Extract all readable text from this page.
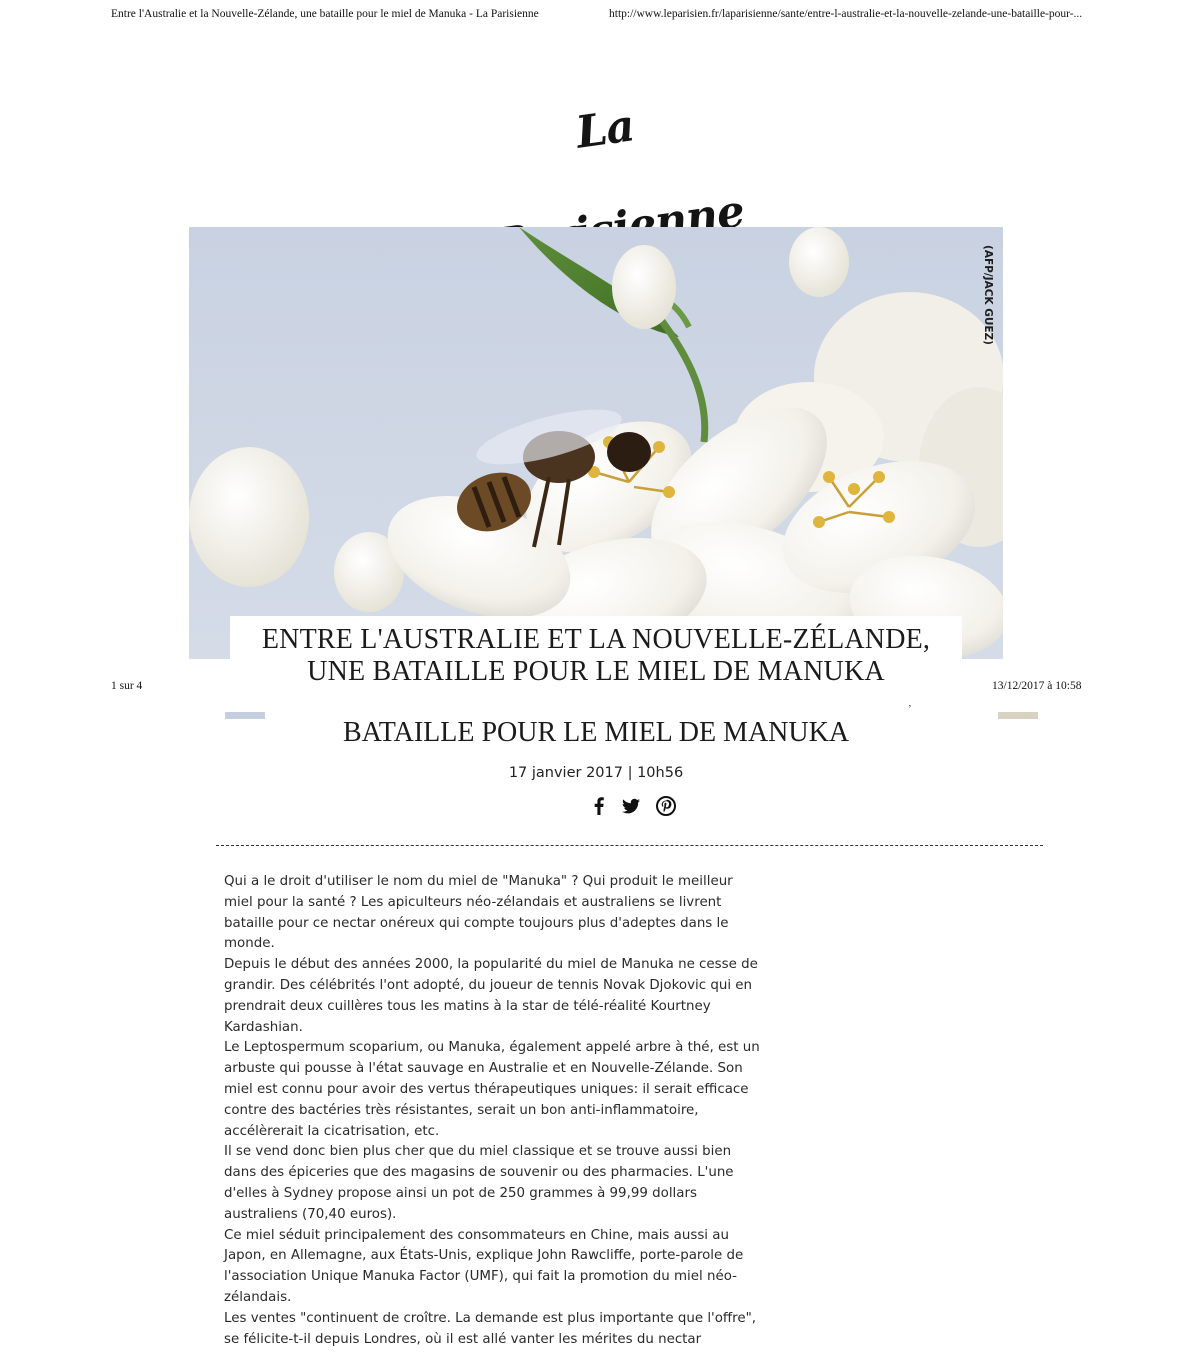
Entre l'Australie et la Nouvelle-Zélande, une bataille pour le miel de Manuka - La Parisienne	http://www.leparisien.fr/laparisienne/sante/entre-l-australie-et-la-nouvelle-zelande-une-bataille-pour-...
La
(AFP/JACK GUEZ)
ENTRE L'AUSTRALIE ET LA NOUVELLE-ZÉLANDE, UNE BATAILLE POUR LE MIEL DE MANUKA
1 sur 4	13/12/2017 à 10:58
’
BATAILLE POUR LE MIEL DE MANUKA
17 janvier 2017 | 10h56

Qui a le droit d'utiliser le nom du miel de "Manuka" ? Qui produit le meilleur miel pour la santé ? Les apiculteurs néo-zélandais et australiens se livrent bataille pour ce nectar onéreux qui compte toujours plus d'adeptes dans le monde.

Depuis le début des années 2000, la popularité du miel de Manuka ne cesse de grandir. Des célébrités l'ont adopté, du joueur de tennis Novak Djokovic qui en prendrait deux cuillères tous les matins à la star de télé-réalité Kourtney Kardashian.

Le Leptospermum scoparium, ou Manuka, également appelé arbre à thé, est un arbuste qui pousse à l'état sauvage en Australie et en Nouvelle-Zélande. Son miel est connu pour avoir des vertus thérapeutiques uniques: il serait efficace contre des bactéries très résistantes, serait un bon anti-inflammatoire, accélèrerait la cicatrisation, etc.

Il se vend donc bien plus cher que du miel classique et se trouve aussi bien dans des épiceries que des magasins de souvenir ou des pharmacies. L'une d'elles à Sydney propose ainsi un pot de 250 grammes à 99,99 dollars australiens (70,40 euros).

Ce miel séduit principalement des consommateurs en Chine, mais aussi au Japon, en Allemagne, aux États-Unis, explique John Rawcliffe, porte-parole de l'association Unique Manuka Factor (UMF), qui fait la promotion du miel néo-zélandais.

Les ventes "continuent de croître. La demande est plus importante que l'offre", se félicite-t-il depuis Londres, où il est allé vanter les mérites du nectar
